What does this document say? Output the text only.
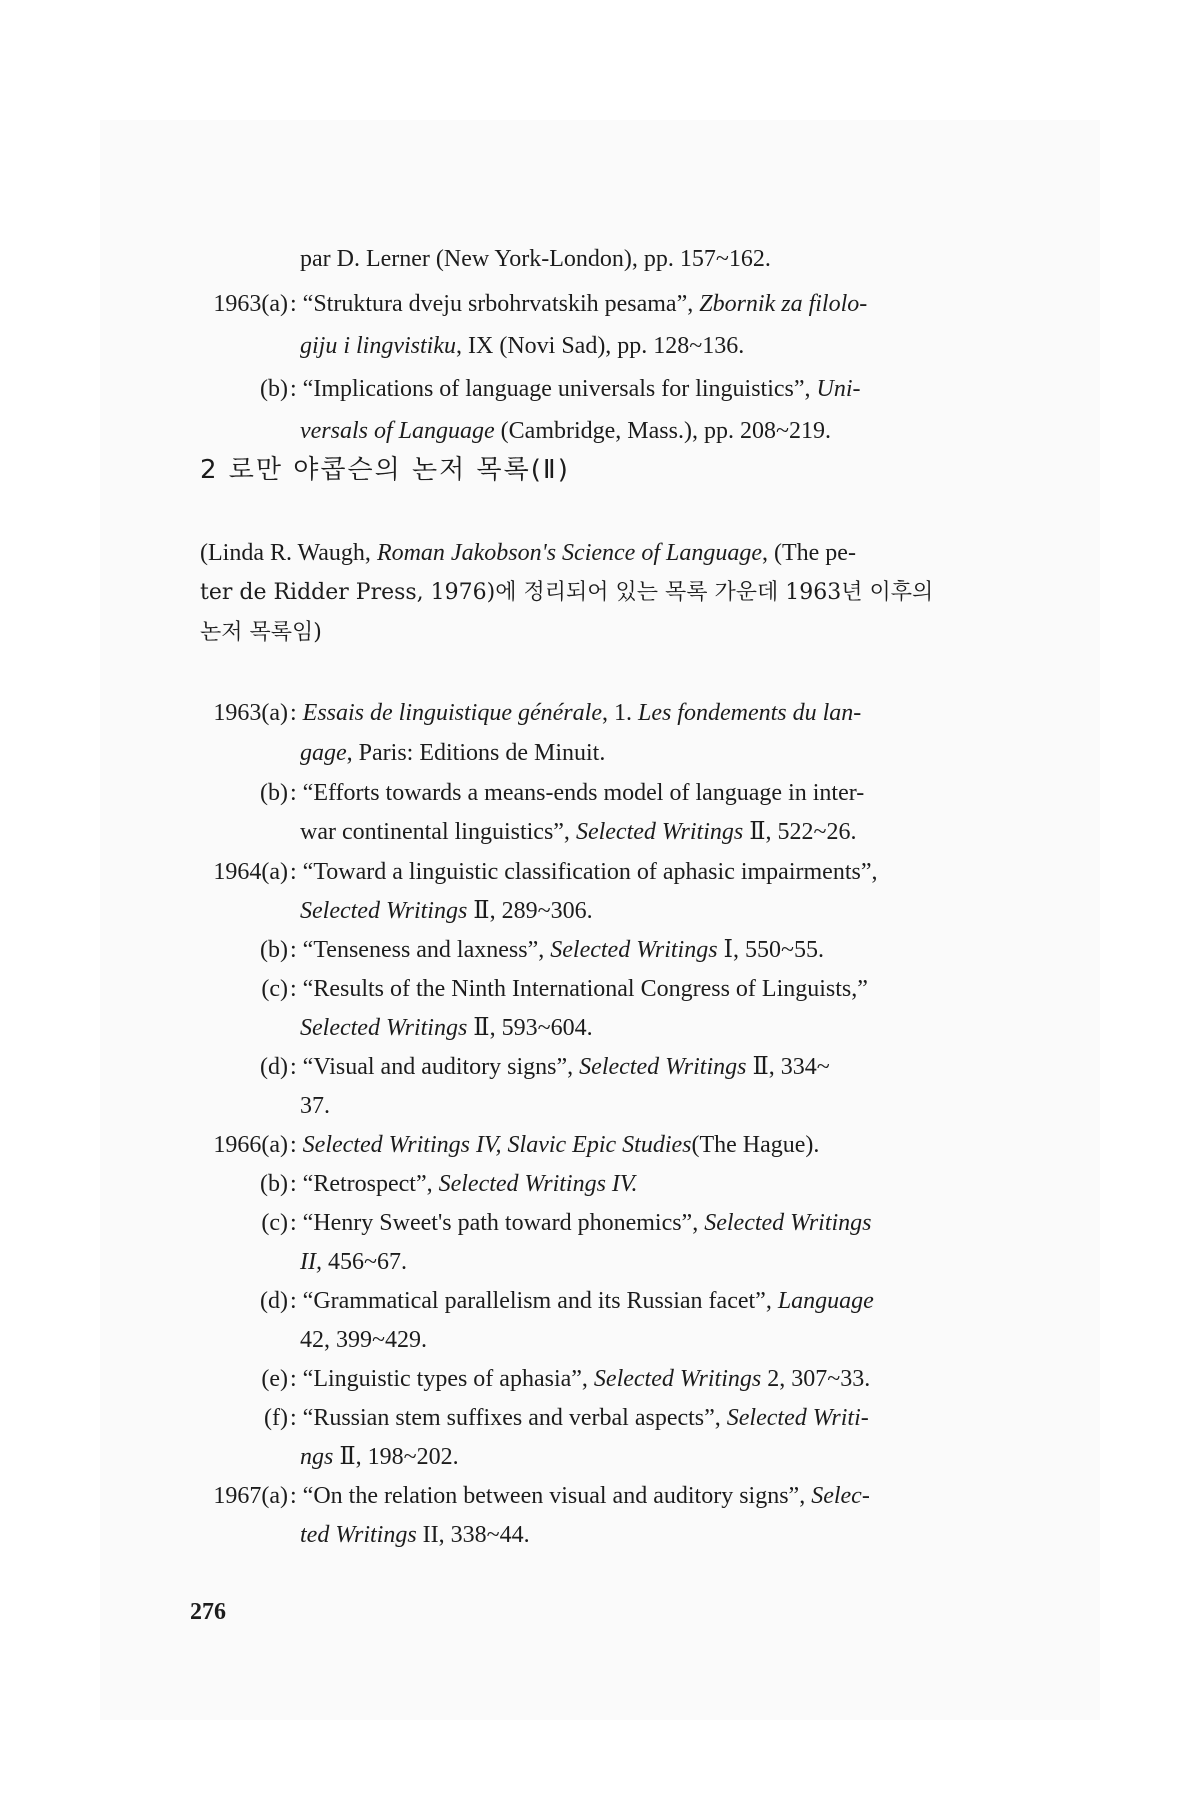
par D. Lerner (New York-London), pp. 157~162.
1963(a) : “Struktura dveju srbohrvatskih pesama”, Zbornik za filolo-
giju i lingvistiku, IX (Novi Sad), pp. 128~136.
(b) : “Implications of language universals for linguistics”, Uni-
versals of Language (Cambridge, Mass.), pp. 208~219.
2 로만 야콥슨의 논저 목록(Ⅱ)
(Linda R. Waugh, Roman Jakobson's Science of Language, (The pe-
ter de Ridder Press, 1976)에 정리되어 있는 목록 가운데 1963년 이후의
논저 목록임)
1963(a) : Essais de linguistique générale, 1. Les fondements du lan-
gage, Paris: Editions de Minuit.
(b) : “Efforts towards a means-ends model of language in inter-
war continental linguistics”, Selected Writings Ⅱ, 522~26.
1964(a) : “Toward a linguistic classification of aphasic impairments”,
Selected Writings Ⅱ, 289~306.
(b) : “Tenseness and laxness”, Selected Writings Ⅰ, 550~55.
(c) : “Results of the Ninth International Congress of Linguists,”
Selected Writings Ⅱ, 593~604.
(d) : “Visual and auditory signs”, Selected Writings Ⅱ, 334~
37.
1966(a) : Selected Writings IV, Slavic Epic Studies(The Hague).
(b) : “Retrospect”, Selected Writings IV.
(c) : “Henry Sweet's path toward phonemics”, Selected Writings
II, 456~67.
(d) : “Grammatical parallelism and its Russian facet”, Language
42, 399~429.
(e) : “Linguistic types of aphasia”, Selected Writings 2, 307~33.
(f) : “Russian stem suffixes and verbal aspects”, Selected Writi-
ngs Ⅱ, 198~202.
1967(a) : “On the relation between visual and auditory signs”, Selec-
ted Writings II, 338~44.
276
